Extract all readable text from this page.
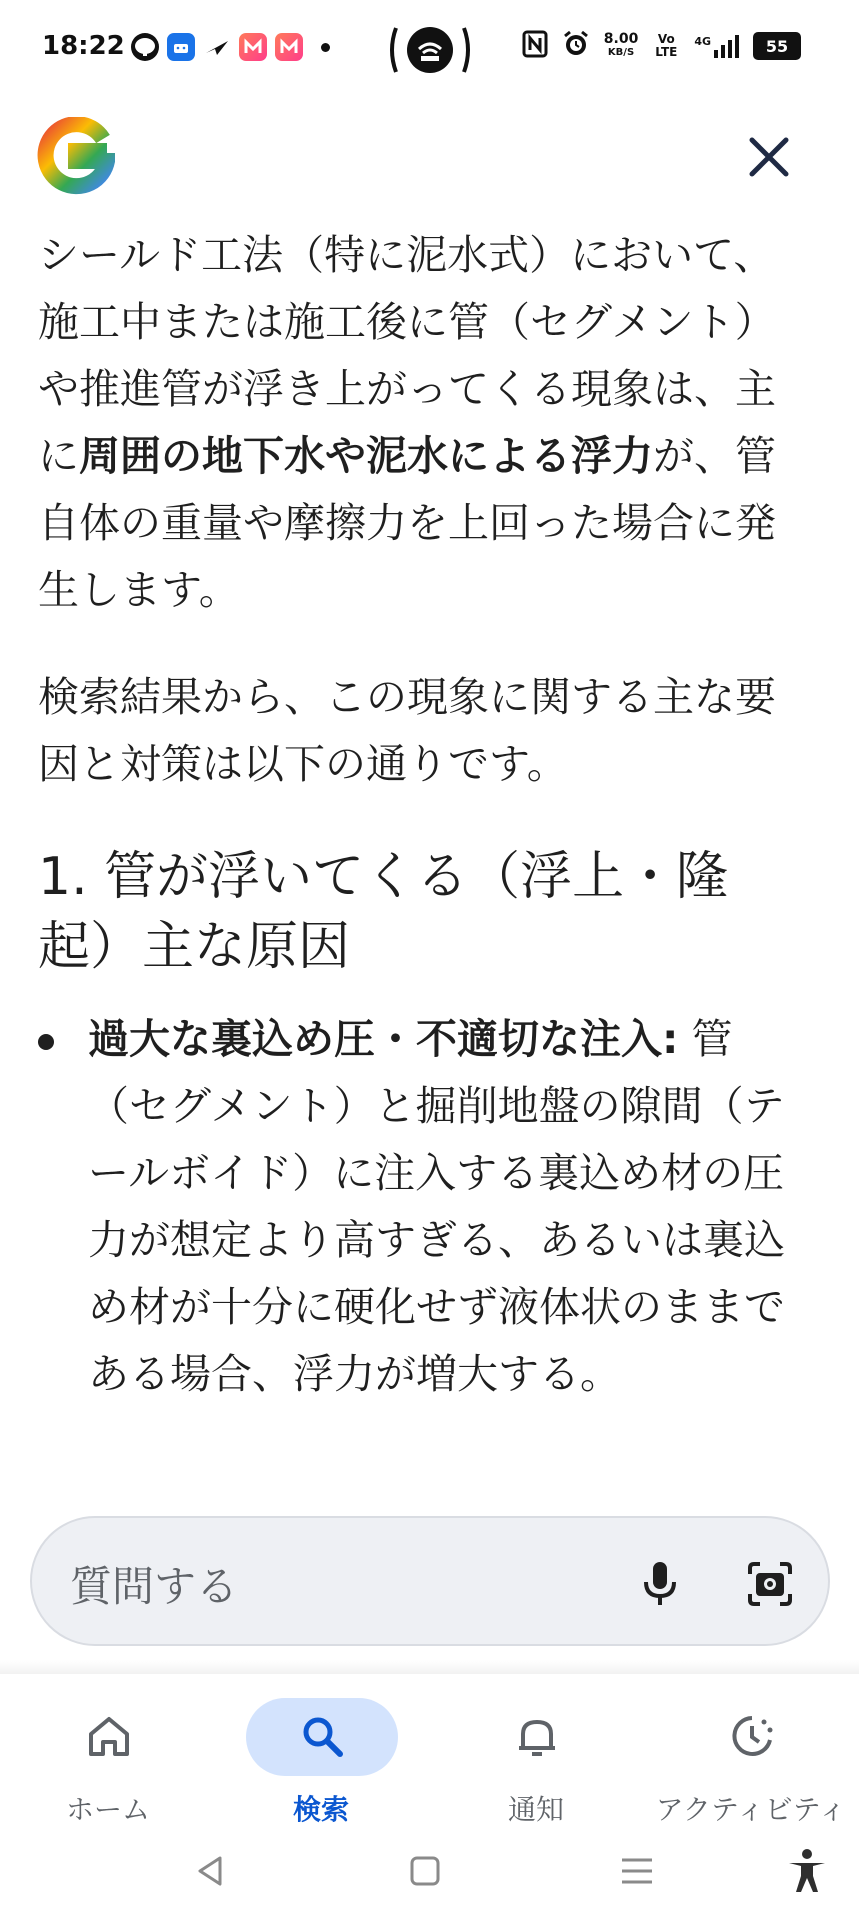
18:22	8.00
KB/S
Vo LTE
4G	55

シールド工法（特に泥水式）において、施工中または施工後に管（セグメント）や推進管が浮き上がってくる現象は、主に周囲の地下水や泥水による浮力が、管自体の重量や摩擦力を上回った場合に発生します。

検索結果から、この現象に関する主な要因と対策は以下の通りです。

1. 管が浮いてくる（浮上・隆起）主な原因
過大な裏込め圧・不適切な注入: 管（セグメント）と掘削地盤の隙間（テールボイド）に注入する裏込め材の圧力が想定より高すぎる、あるいは裏込め材が十分に硬化せず液体状のままである場合、浮力が増大する。
質問する
ホーム	検索	通知	アクティビティ
